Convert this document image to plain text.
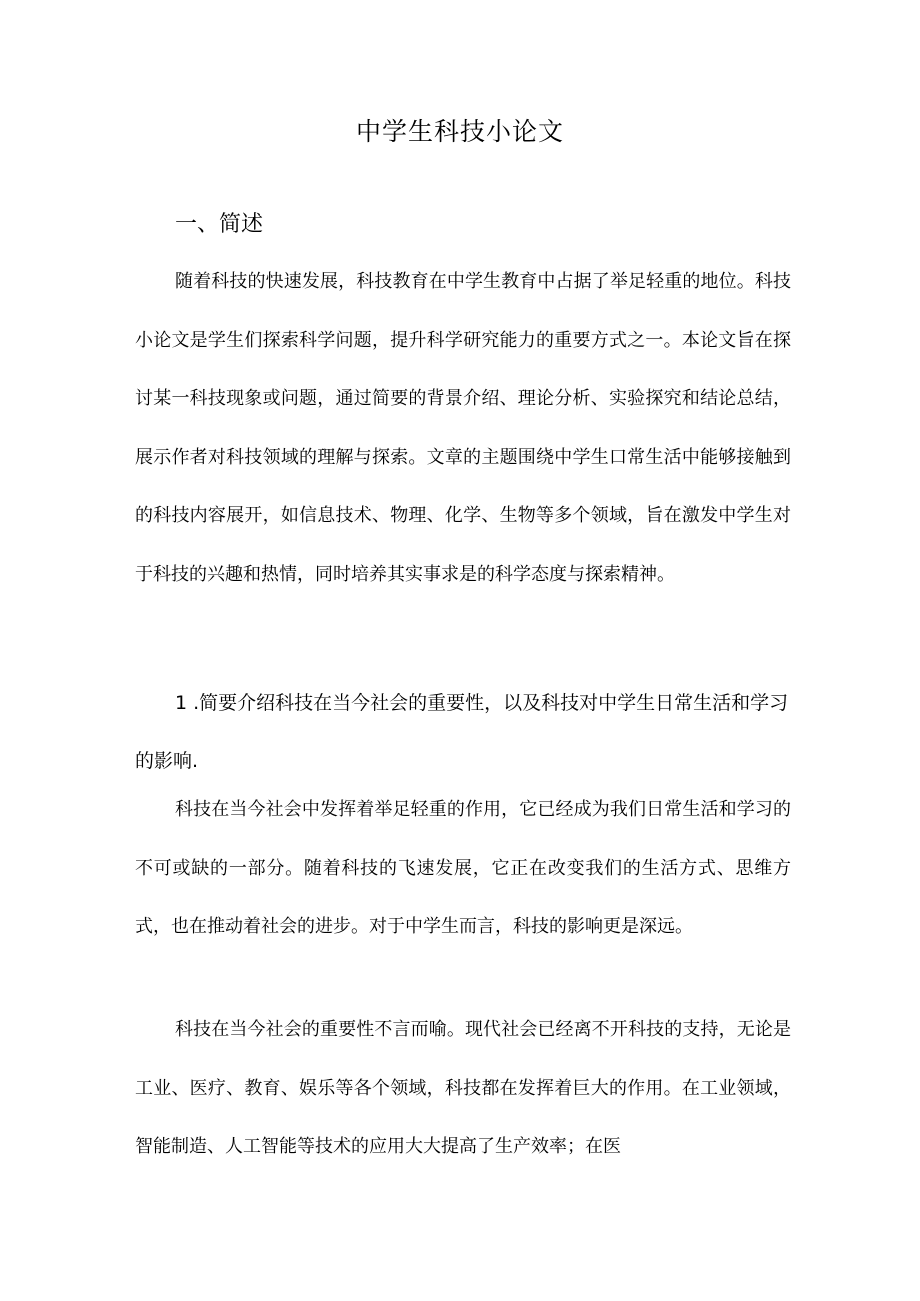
中学生科技小论文
一、简述

随着科技的快速发展，科技教育在中学生教育中占据了举足轻重的地位。科技小论文是学生们探索科学问题，提升科学研究能力的重要方式之一。本论文旨在探讨某一科技现象或问题，通过简要的背景介绍、理论分析、实验探究和结论总结，展示作者对科技领域的理解与探索。文章的主题围绕中学生口常生活中能够接触到的科技内容展开，如信息技术、物理、化学、生物等多个领域，旨在激发中学生对于科技的兴趣和热情，同时培养其实事求是的科学态度与探索精神。

1 .简要介绍科技在当今社会的重要性，以及科技对中学生日常生活和学习的影响.

科技在当今社会中发挥着举足轻重的作用，它已经成为我们日常生活和学习的不可或缺的一部分。随着科技的飞速发展，它正在改变我们的生活方式、思维方式，也在推动着社会的进步。对于中学生而言，科技的影响更是深远。

科技在当今社会的重要性不言而喻。现代社会已经离不开科技的支持，无论是工业、医疗、教育、娱乐等各个领域，科技都在发挥着巨大的作用。在工业领域，智能制造、人工智能等技术的应用大大提高了生产效率；在医
